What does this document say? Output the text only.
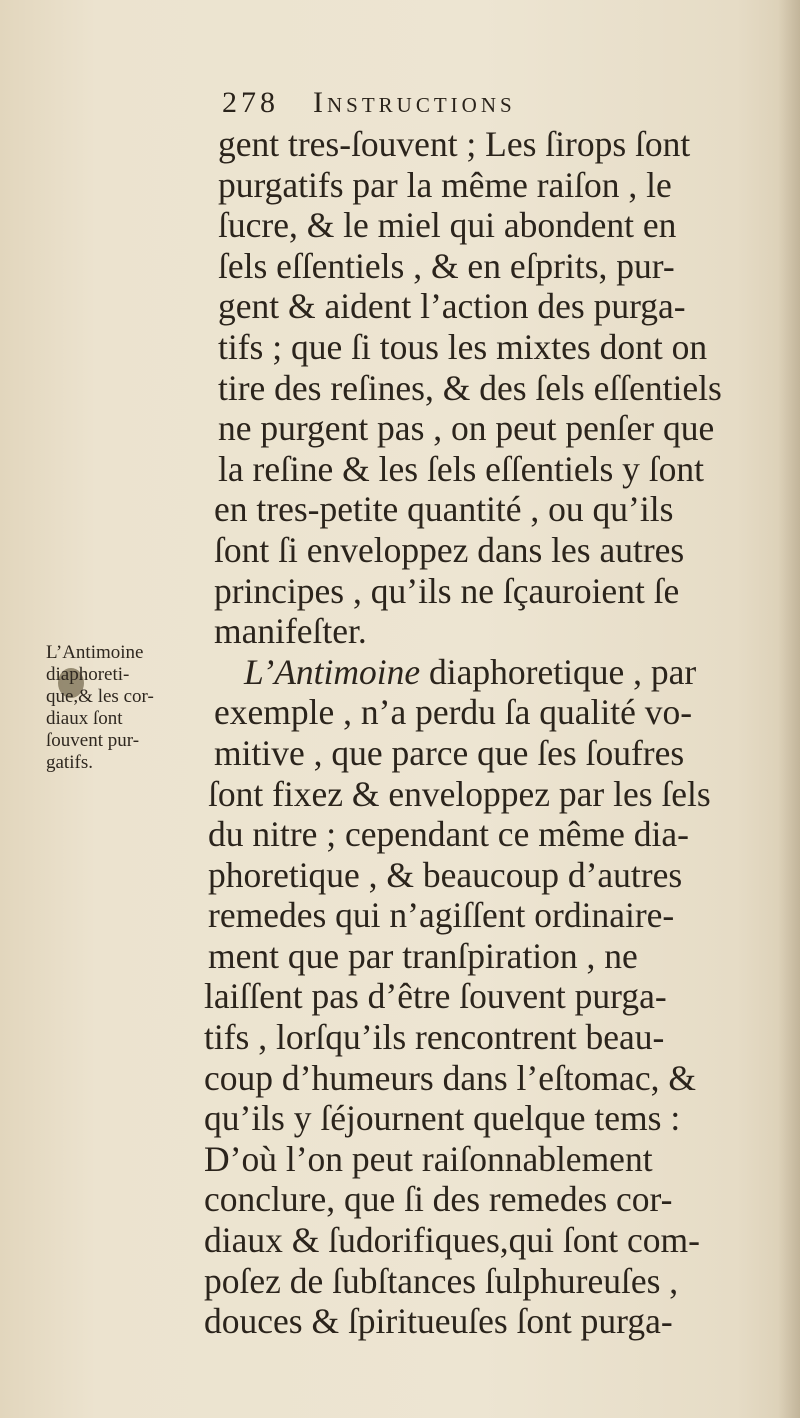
278 Instructions
gent tres-ſouvent ; Les ſirops ſont
purgatifs par la même raiſon , le
ſucre, & le miel qui abondent en
ſels eſſentiels , & en eſprits, pur-
gent & aident l’action des purga-
tifs ; que ſi tous les mixtes dont on
tire des reſines, & des ſels eſſentiels
ne purgent pas , on peut penſer que
la reſine & les ſels eſſentiels y ſont
en tres-petite quantité , ou qu’ils
ſont ſi enveloppez dans les autres
principes , qu’ils ne ſçauroient ſe
manifeſter.
L’Antimoine diaphoretique , par
exemple , n’a perdu ſa qualité vo-
mitive , que parce que ſes ſoufres
ſont fixez & enveloppez par les ſels
du nitre ; cependant ce même dia-
phoretique , & beaucoup d’autres
remedes qui n’agiſſent ordinaire-
ment que par tranſpiration , ne
laiſſent pas d’être ſouvent purga-
tifs , lorſqu’ils rencontrent beau-
coup d’humeurs dans l’eſtomac, &
qu’ils y ſéjournent quelque tems :
D’où l’on peut raiſonnablement
conclure, que ſi des remedes cor-
diaux & ſudorifiques,qui ſont com-
poſez de ſubſtances ſulphureuſes ,
douces & ſpiritueuſes ſont purga-
L’Antimoine
diaphoreti-
que,& les cor-
diaux ſont
ſouvent pur-
gatifs.
